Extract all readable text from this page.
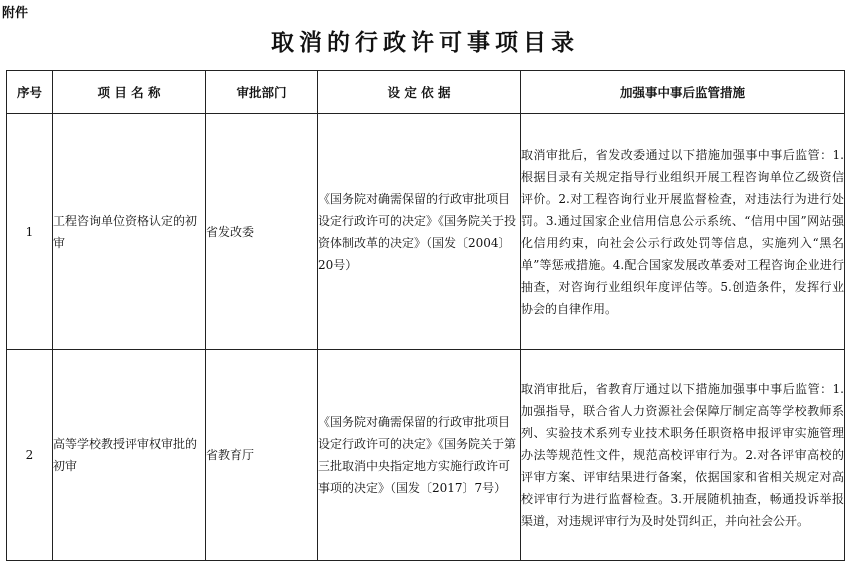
附件
取消的行政许可事项目录
序号	项 目 名 称	审批部门	设 定 依 据	加强事中事后监管措施
1	工程咨询单位资格认定的初审	省发改委	《国务院对确需保留的行政审批项目设定行政许可的决定》《国务院关于投资体制改革的决定》（国发〔2004〕20号）	取消审批后，省发改委通过以下措施加强事中事后监管：1.根据目录有关规定指导行业组织开展工程咨询单位乙级资信评价。2.对工程咨询行业开展监督检查，对违法行为进行处罚。3.通过国家企业信用信息公示系统、“信用中国”网站强化信用约束，向社会公示行政处罚等信息，实施列入“黑名单”等惩戒措施。4.配合国家发展改革委对工程咨询企业进行抽查，对咨询行业组织年度评估等。5.创造条件，发挥行业协会的自律作用。
2	高等学校教授评审权审批的初审	省教育厅	《国务院对确需保留的行政审批项目设定行政许可的决定》《国务院关于第三批取消中央指定地方实施行政许可事项的决定》（国发〔2017〕7号）	取消审批后，省教育厅通过以下措施加强事中事后监管：1.加强指导，联合省人力资源社会保障厅制定高等学校教师系列、实验技术系列专业技术职务任职资格申报评审实施管理办法等规范性文件，规范高校评审行为。2.对各评审高校的评审方案、评审结果进行备案，依据国家和省相关规定对高校评审行为进行监督检查。3.开展随机抽查，畅通投诉举报渠道，对违规评审行为及时处罚纠正，并向社会公开。
